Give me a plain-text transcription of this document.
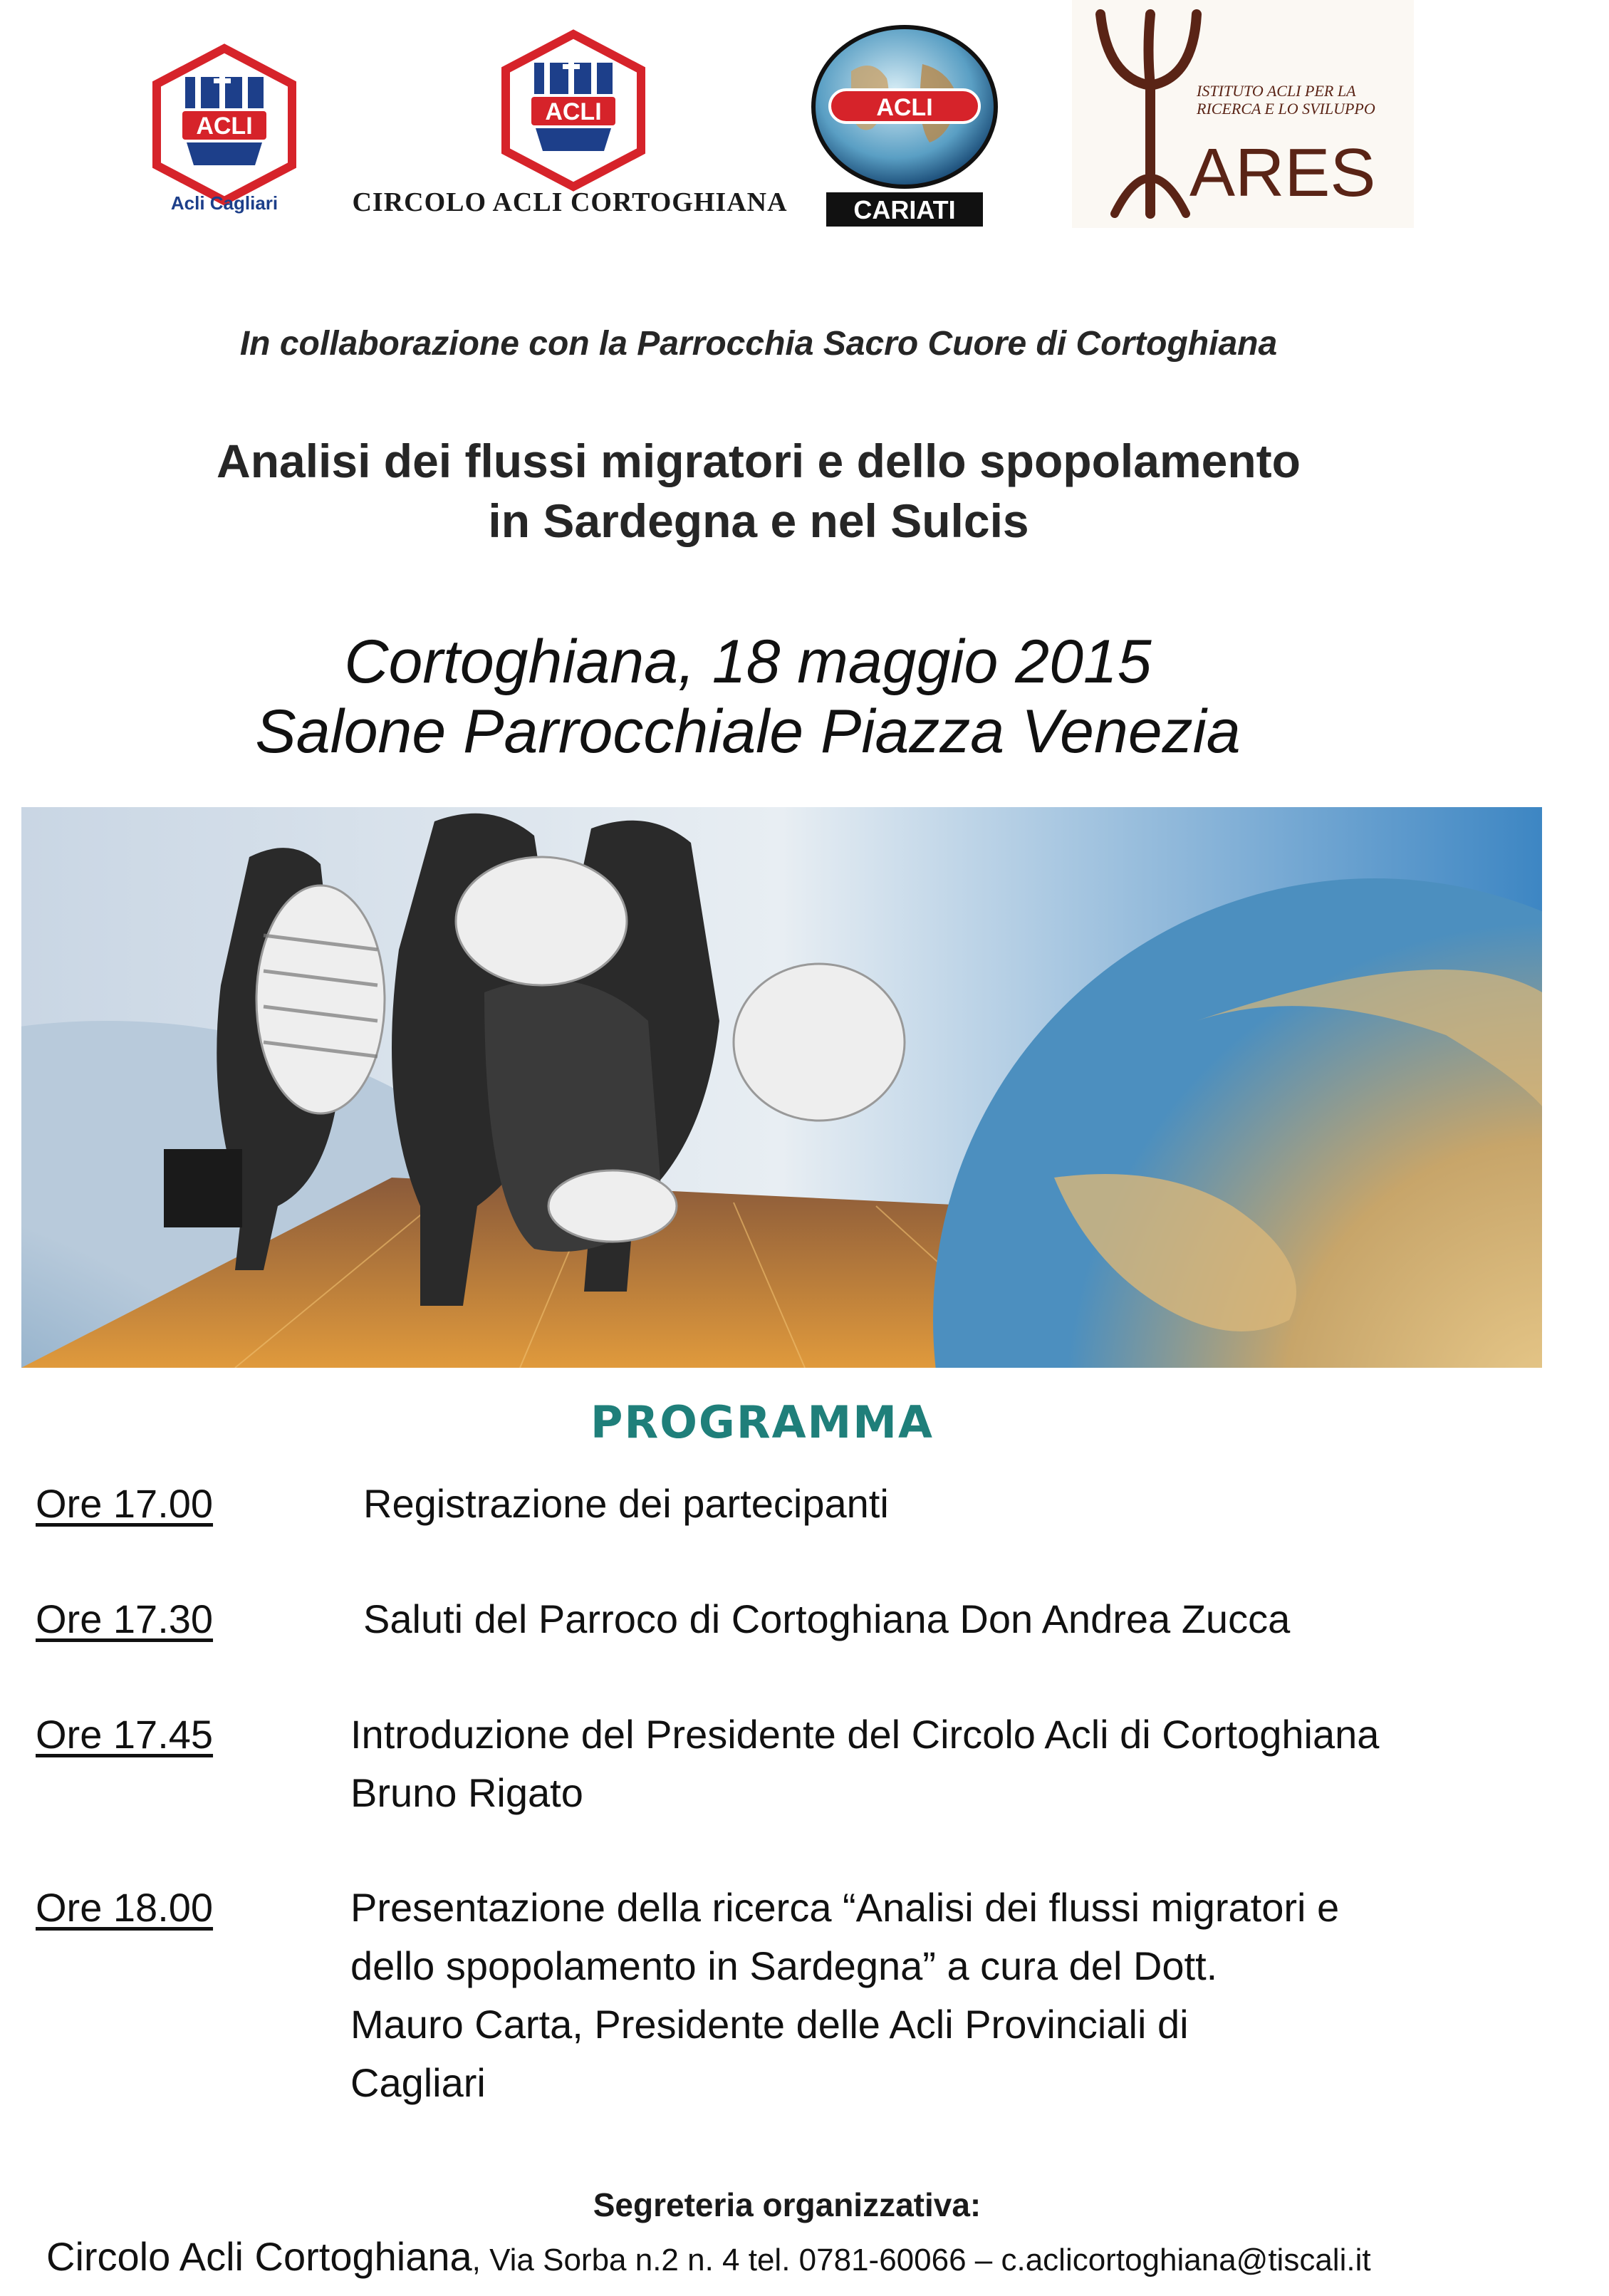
ACLI
Acli Cagliari
ACLI
CIRCOLO ACLI CORTOGHIANA
ACLI
CARIATI
ISTITUTO ACLI PER LA
RICERCA E LO SVILUPPO
ARES
In collaborazione con la Parrocchia Sacro Cuore di Cortoghiana
Analisi dei flussi migratori e dello spopolamento
in Sardegna e nel Sulcis
Cortoghiana, 18 maggio 2015
Salone Parrocchiale Piazza Venezia
PROGRAMMA
Ore 17.00	Registrazione dei partecipanti
Ore 17.30	Saluti del Parroco di Cortoghiana Don Andrea Zucca
Ore 17.45	Introduzione del Presidente del Circolo Acli di Cortoghiana
Bruno Rigato
Ore 18.00	Presentazione della ricerca “Analisi dei flussi migratori e
dello spopolamento in Sardegna” a cura del Dott.
Mauro Carta, Presidente delle Acli Provinciali di
Cagliari
Segreteria organizzativa:
Circolo Acli Cortoghiana, Via Sorba n.2 n. 4 tel. 0781-60066 – c.aclicortoghiana@tiscali.it
